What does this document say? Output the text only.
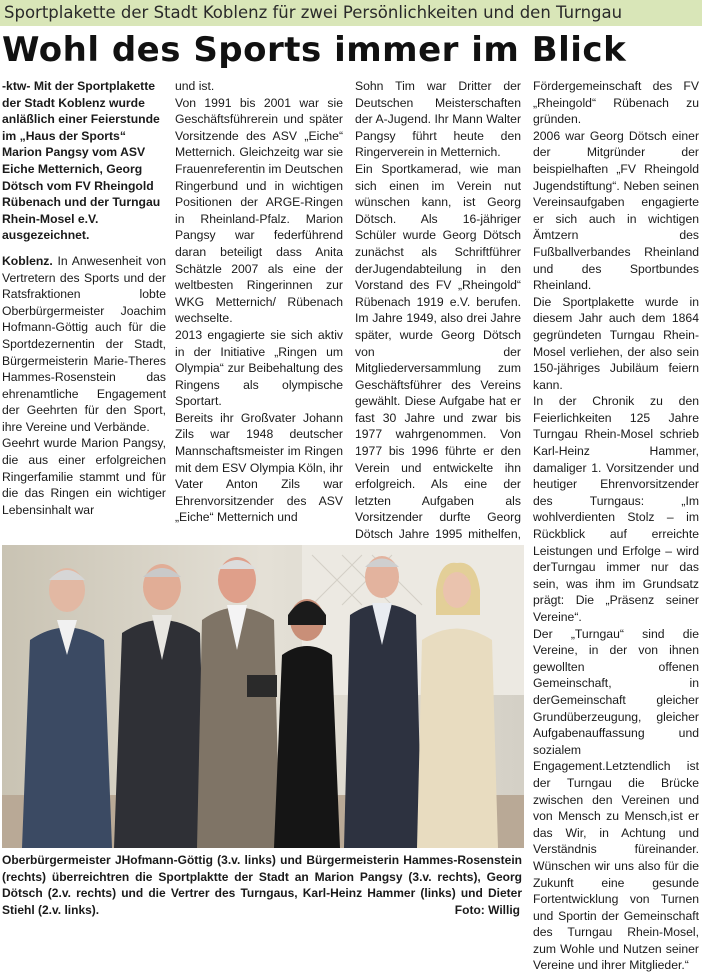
Sportplakette der Stadt Koblenz für zwei Persönlichkeiten und den Turngau
Wohl des Sports immer im Blick

-ktw- Mit der Sportplakette der Stadt Koblenz wurde anläßlich einer Feierstunde im „Haus der Sports“ Marion Pangsy vom ASV Eiche Metternich, Georg Dötsch vom FV Rheingold Rübenach und der Turngau Rhein-Mosel e.V. ausgezeichnet.

Koblenz. In Anwesenheit von Vertretern des Sports und der Ratsfraktionen lobte Oberbürgermeister Joachim Hofmann-Göttig auch für die Sportdezernentin der Stadt, Bürgermeisterin Marie-Theres Hammes-Rosenstein das ehrenamtliche Engagement der Geehrten für den Sport, ihre Vereine und Verbände.

Geehrt wurde Marion Pangsy, die aus einer erfolgreichen Ringerfamilie stammt und für die das Ringen ein wichtiger Lebensinhalt war

und ist.

Von 1991 bis 2001 war sie Geschäftsführerein und später Vorsitzende des ASV „Eiche“ Metternich. Gleichzeitg war sie Frauenreferentin im Deutschen Ringerbund und in wichtigen Positionen der ARGE-Ringen in Rheinland-Pfalz. Marion Pangsy war federführend daran beteiligt dass Anita Schätzle 2007 als eine der weltbesten Ringerinnen zur WKG Metternich/ Rübenach wechselte.

2013 engagierte sie sich aktiv in der Initiative „Ringen um Olympia“ zur Beibehaltung des Ringens als olympische Sportart.

Bereits ihr Großvater Johann Zils war 1948 deutscher Mannschaftsmeister im Ringen mit dem ESV Olympia Köln, ihr Vater Anton Zils war Ehrenvorsitzender des ASV „Eiche“ Metternich und

Sohn Tim war Dritter der Deutschen Meisterschaften der A-Jugend. Ihr Mann Walter Pangsy führt heute den Ringerverein in Metternich.

Ein Sportkamerad, wie man sich einen im Verein nut wünschen kann, ist Georg Dötsch. Als 16-jähriger Schüler wurde Georg Dötsch zunächst als Schriftführer derJugendabteilung in den Vorstand des FV „Rheingold“ Rübenach 1919 e.V. berufen. Im Jahre 1949, also drei Jahre später, wurde Georg Dötsch von der Mitgliederversammlung zum Geschäftsführer des Vereins gewählt. Diese Aufgabe hat er fast 30 Jahre und zwar bis 1977 wahrgenommen. Von 1977 bis 1996 führte er den Verein und entwickelte ihn erfolgreich. Als eine der letzten Aufgaben als Vorsitzender durfte Georg Dötsch Jahre 1995 mithelfen,

Fördergemeinschaft des FV „Rheingold“ Rübenach zu gründen.

2006 war Georg Dötsch einer der Mitgründer der beispielhaften „FV Rheingold Jugendstiftung“. Neben seinen Vereinsaufgaben engagierte er sich auch in wichtigen Ämtzern des Fußballverbandes Rheinland und des Sportbundes Rheinland.

Die Sportplakette wurde in diesem Jahr auch dem 1864 gegründeten Turngau Rhein-Mosel verliehen, der also sein 150-jähriges Jubiläum feiern kann.

In der Chronik zu den Feierlichkeiten 125 Jahre Turngau Rhein-Mosel schrieb Karl-Heinz Hammer, damaliger 1. Vorsitzender und heutiger Ehrenvorsitzender des Turngaus: „Im wohlverdienten Stolz – im Rückblick auf erreichte Leistungen und Erfolge – wird derTurngau immer nur das sein, was ihm im Grundsatz prägt: Die „Präsenz seiner Vereine“.

Der „Turngau“ sind die Vereine, in der von ihnen gewollten offenen Gemeinschaft, in derGemeinschaft gleicher Grundüberzeugung, gleicher Aufgabenauffassung und sozialem Engagement.Letztendlich ist der Turngau die Brücke zwischen den Vereinen und von Mensch zu Mensch,ist er das Wir, in Achtung und Verständnis füreinander. Wünschen wir uns also für die Zukunft eine gesunde Fortentwicklung von Turnen und Sportin der Gemeinschaft des Turngau Rhein-Mosel, zum Wohle und Nutzen seiner Vereine und ihrer Mitglieder.“

Oberbürgermeister JHofmann-Göttig (3.v. links) und Bürgermeisterin Hammes-Rosenstein (rechts) überreichtren die Sportplaktte der Stadt an Marion Pangsy (3.v. rechts), Georg Dötsch (2.v. rechts) und die Vertrer des Turngaus, Karl-Heinz Hammer (links) und Dieter Stiehl (2.v. links).	Foto: Willig
